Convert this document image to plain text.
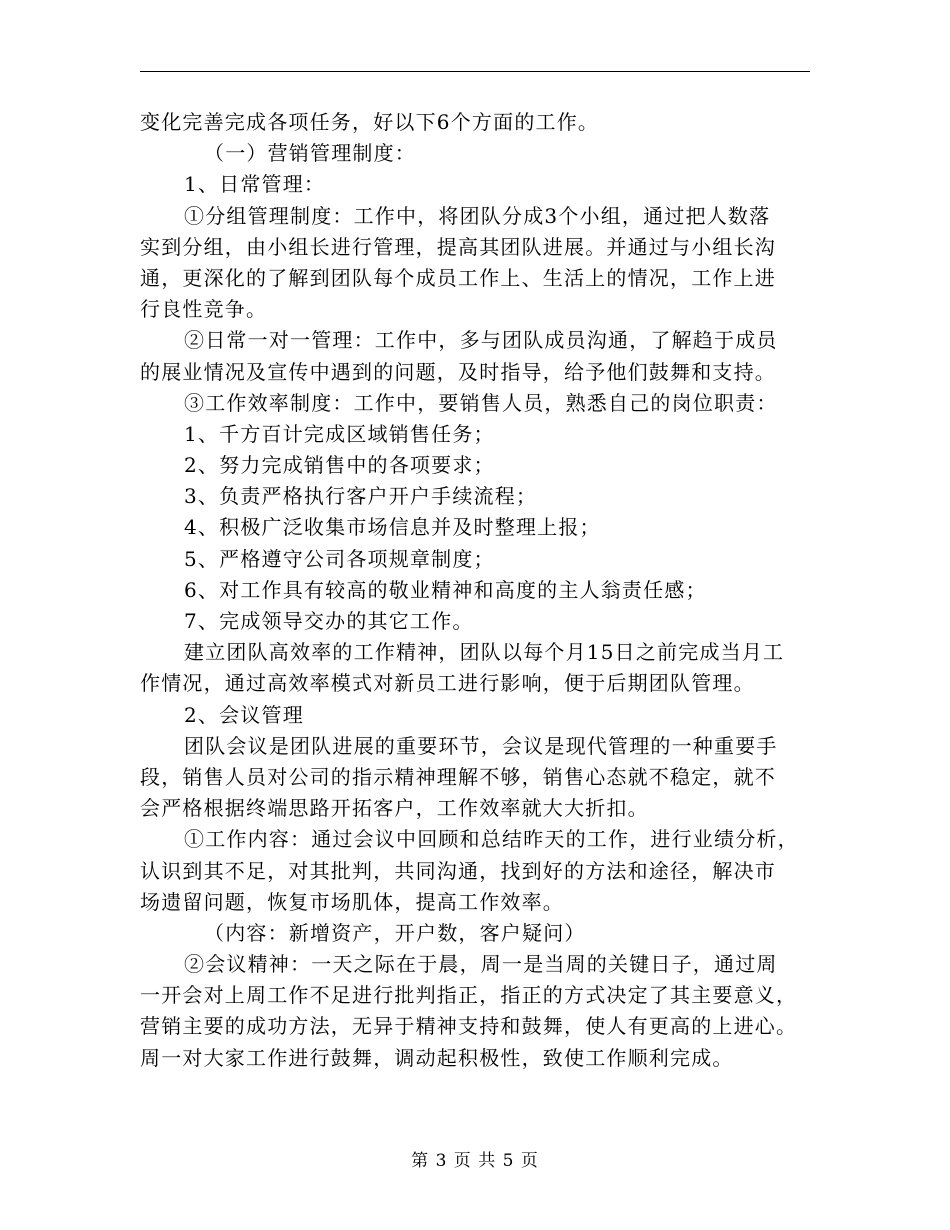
变化完善完成各项任务，好以下6个方面的工作。
（一）营销管理制度：
1、日常管理：
①分组管理制度：工作中，将团队分成3个小组，通过把人数落
实到分组，由小组长进行管理，提高其团队进展。并通过与小组长沟
通，更深化的了解到团队每个成员工作上、生活上的情况，工作上进
行良性竞争。
②日常一对一管理：工作中，多与团队成员沟通，了解趋于成员
的展业情况及宣传中遇到的问题，及时指导，给予他们鼓舞和支持。
③工作效率制度：工作中，要销售人员，熟悉自己的岗位职责：
1、千方百计完成区域销售任务；
2、努力完成销售中的各项要求；
3、负责严格执行客户开户手续流程；
4、积极广泛收集市场信息并及时整理上报；
5、严格遵守公司各项规章制度；
6、对工作具有较高的敬业精神和高度的主人翁责任感；
7、完成领导交办的其它工作。
建立团队高效率的工作精神，团队以每个月15日之前完成当月工
作情况，通过高效率模式对新员工进行影响，便于后期团队管理。
2、会议管理
团队会议是团队进展的重要环节，会议是现代管理的一种重要手
段，销售人员对公司的指示精神理解不够，销售心态就不稳定，就不
会严格根据终端思路开拓客户，工作效率就大大折扣。
①工作内容：通过会议中回顾和总结昨天的工作，进行业绩分析，
认识到其不足，对其批判，共同沟通，找到好的方法和途径，解决市
场遗留问题，恢复市场肌体，提高工作效率。
（内容：新增资产，开户数，客户疑问）
②会议精神：一天之际在于晨，周一是当周的关键日子，通过周
一开会对上周工作不足进行批判指正，指正的方式决定了其主要意义，
营销主要的成功方法，无异于精神支持和鼓舞，使人有更高的上进心。
周一对大家工作进行鼓舞，调动起积极性，致使工作顺利完成。
第 3 页 共 5 页
